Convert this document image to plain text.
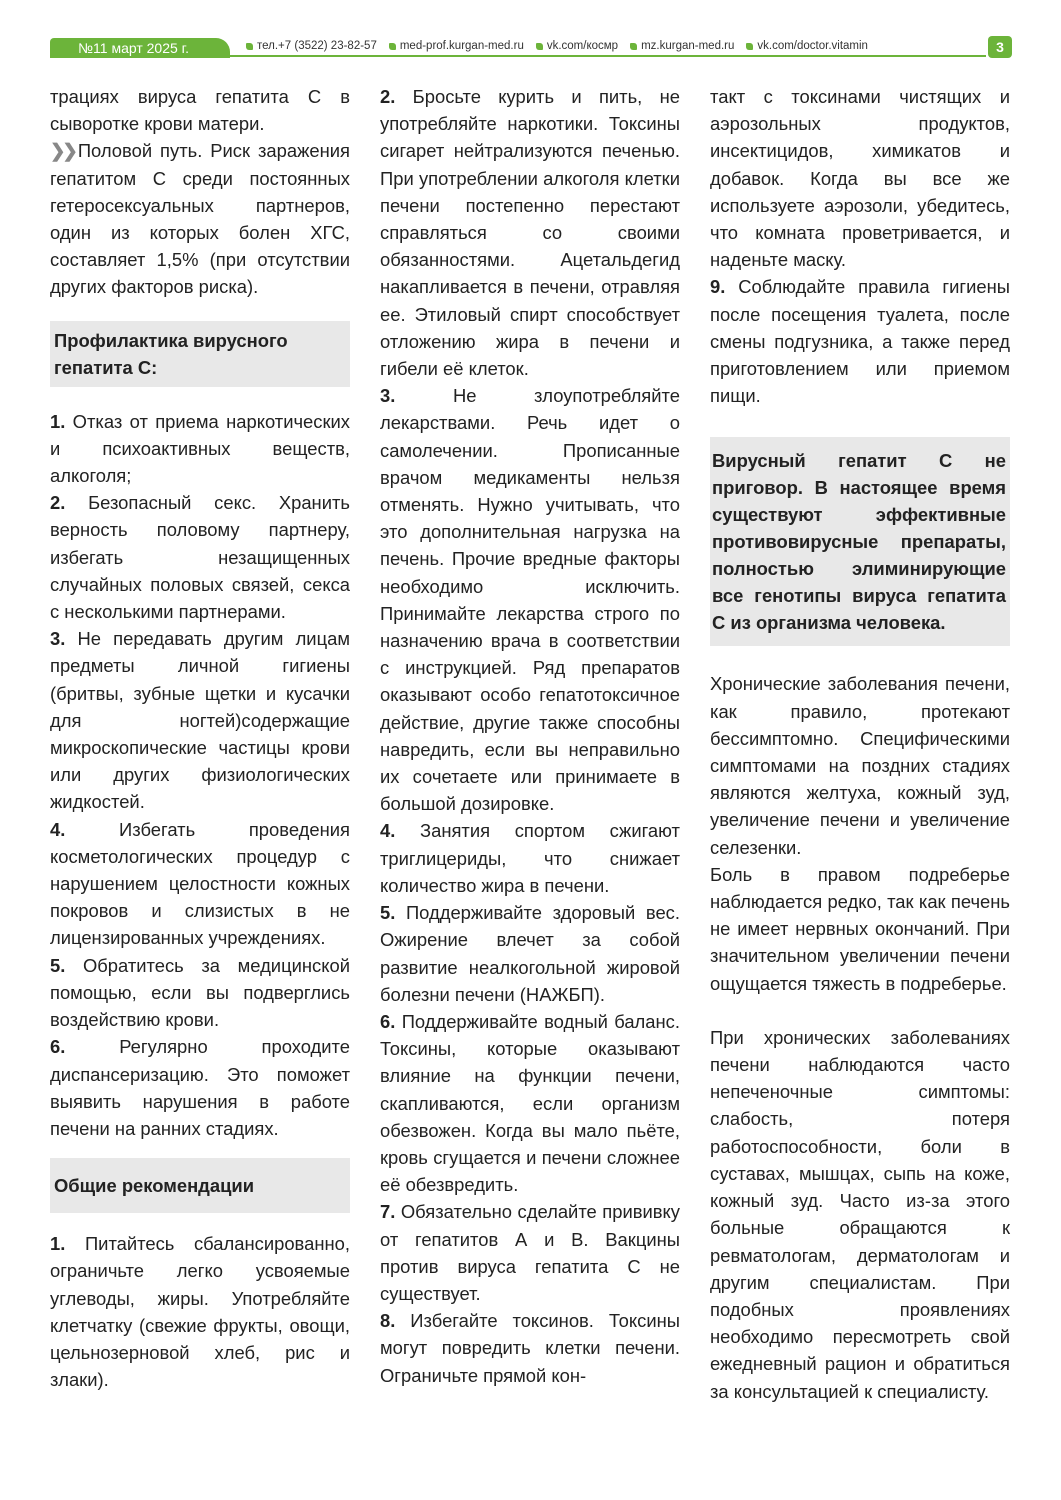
№11 март 2025 г.	тел.+7 (3522) 23-82-57 med-prof.kurgan-med.ru vk.com/космр mz.kurgan-med.ru vk.com/doctor.vitamin	3
трациях вируса гепатита С в сыворотке крови матери.
❯❯ Половой путь. Риск заражения гепатитом С среди постоянных гетеросексуальных партнеров, один из которых болен ХГС, составляет 1,5% (при отсутствии других факторов риска).
Профилактика вирусного гепатита С:
1. Отказ от приема наркотических и психоактивных веществ, алкоголя;
2. Безопасный секс. Хранить верность половому партнеру, избегать незащищенных случайных половых связей, секса с несколькими партнерами.
3. Не передавать другим лицам предметы личной гигиены (бритвы, зубные щетки и кусачки для ногтей)содержащие микроскопические частицы крови или других физиологических жидкостей.
4.	Избегать проведения косметологических процедур с нарушением целостности кожных покровов и слизистых в не лицензированных учреждениях.
5. Обратитесь за медицинской помощью, если вы подверглись воздействию крови.
6.	Регулярно проходите диспансеризацию. Это поможет выявить нарушения в работе печени на ранних стадиях.
Общие рекомендации
1. Питайтесь сбалансированно, ограничьте легко усвояемые углеводы, жиры. Употребляйте клетчатку (свежие фрукты, овощи, цельнозерновой хлеб, рис и злаки).
2. Бросьте курить и пить, не употребляйте наркотики. Токсины сигарет нейтрализуются печенью. При употреблении алкоголя клетки печени постепенно перестают справляться со своими обязанностями. Ацетальдегид накапливается в печени, отравляя ее. Этиловый спирт способствует отложению жира в печени и гибели её клеток.
3.	Не злоупотребляйте лекарствами. Речь идет о самолечении. Прописанные врачом медикаменты нельзя отменять. Нужно учитывать, что это дополнительная нагрузка на печень. Прочие вредные факторы необходимо исключить. Принимайте лекарства строго по назначению врача в соответствии с инструкцией. Ряд препаратов оказывают особо гепатотоксичное действие, другие также способны навредить, если вы неправильно их сочетаете или принимаете в большой дозировке.
4. Занятия спортом сжигают триглицериды, что снижает количество жира в печени.
5. Поддерживайте здоровый вес. Ожирение влечет за собой развитие неалкогольной жировой болезни печени (НАЖБП).
6. Поддерживайте водный баланс. Токсины, которые оказывают влияние на функции печени, скапливаются, если организм обезвожен. Когда вы мало пьёте, кровь сгущается и печени сложнее её обезвредить.
7. Обязательно сделайте прививку от гепатитов А и В. Вакцины против вируса гепатита С не существует.
8. Избегайте токсинов. Токсины могут повредить клетки печени. Ограничьте прямой кон-
такт с токсинами чистящих и аэрозольных продуктов, инсектицидов, химикатов и добавок. Когда вы все же используете аэрозоли, убедитесь, что комната проветривается, и наденьте маску.
9. Соблюдайте правила гигиены после посещения туалета, после смены подгузника, а также перед приготовлением или приемом пищи.
Вирусный гепатит С не приговор. В настоящее время существуют эффективные противовирусные препараты, полностью элиминирующие все генотипы вируса гепатита С из организма человека.
Хронические заболевания печени, как правило, протекают бессимптомно. Специфическими симптомами на поздних стадиях являются желтуха, кожный зуд, увеличение печени и увеличение селезенки.
Боль в правом подреберье наблюдается редко, так как печень не имеет нервных окончаний. При значительном увеличении печени ощущается тяжесть в подреберье.
При хронических заболеваниях печени наблюдаются часто непеченочные симптомы: слабость, потеря работоспособности, боли в суставах, мышцах, сыпь на коже, кожный зуд. Часто из-за этого больные обращаются к ревматологам, дерматологам и другим специалистам. При подобных проявлениях необходимо пересмотреть свой ежедневный рацион и обратиться за консультацией к специалисту.
